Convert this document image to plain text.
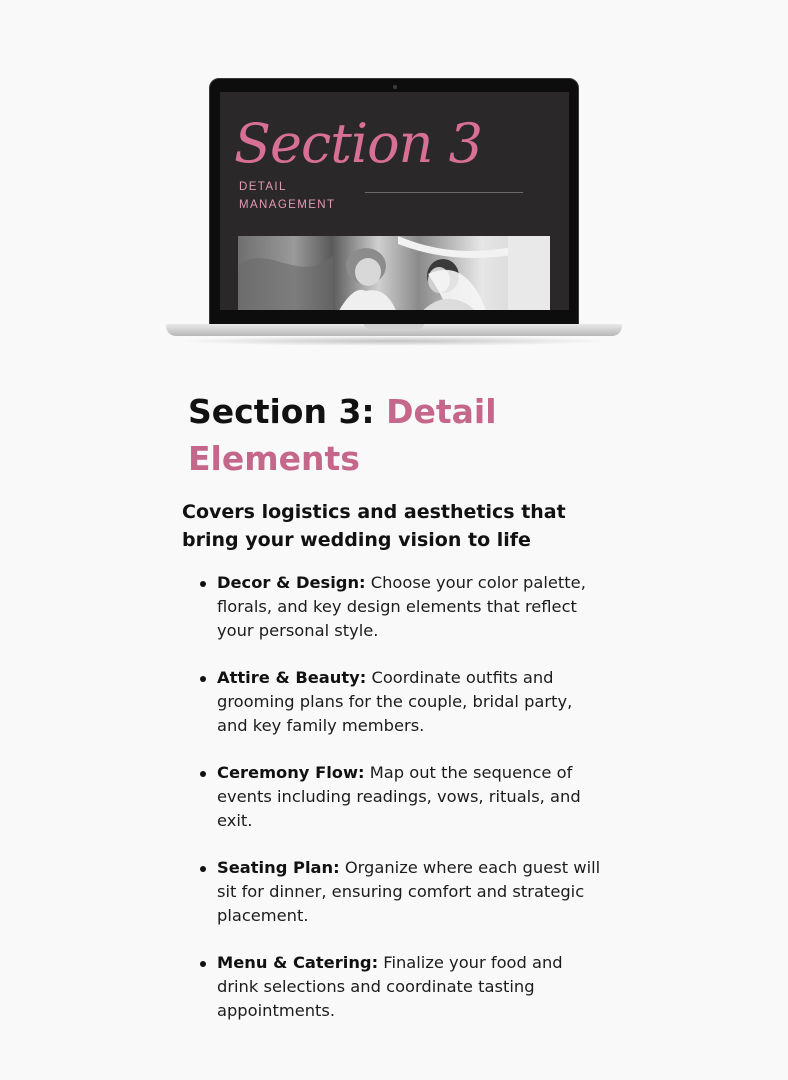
Section 3
DETAIL
MANAGEMENT
Section 3: Detail Elements

Covers logistics and aesthetics that bring your wedding vision to life

Decor & Design: Choose your color palette, florals, and key design elements that reflect your personal style.
Attire & Beauty: Coordinate outfits and grooming plans for the couple, bridal party, and key family members.
Ceremony Flow: Map out the sequence of events including readings, vows, rituals, and exit.
Seating Plan: Organize where each guest will sit for dinner, ensuring comfort and strategic placement.
Menu & Catering: Finalize your food and drink selections and coordinate tasting appointments.
